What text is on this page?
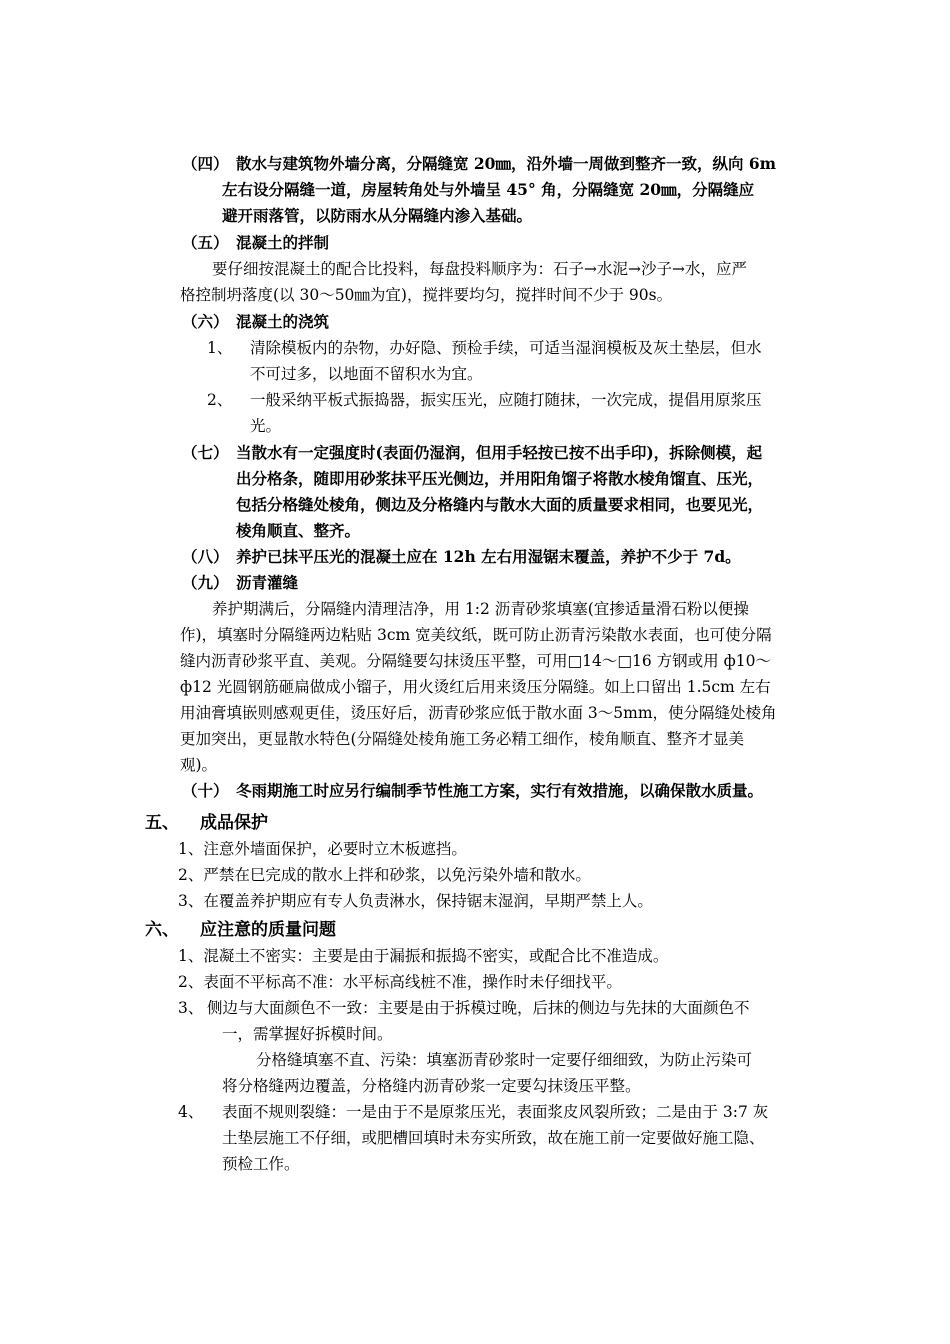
（四） 散水与建筑物外墙分离，分隔缝宽 20㎜，沿外墙一周做到整齐一致，纵向 6m
左右设分隔缝一道，房屋转角处与外墙呈 45° 角，分隔缝宽 20㎜，分隔缝应
避开雨落管，以防雨水从分隔缝内渗入基础。
（五） 混凝土的拌制
要仔细按混凝土的配合比投料，每盘投料顺序为：石子→水泥→沙子→水，应严
格控制坍落度(以 30～50㎜为宜)，搅拌要均匀，搅拌时间不少于 90s。
（六） 混凝土的浇筑
1、 清除模板内的杂物，办好隐、预检手续，可适当湿润模板及灰土垫层，但水
不可过多，以地面不留积水为宜。
2、 一般采纳平板式振捣器，振实压光，应随打随抹，一次完成，提倡用原浆压
光。
（七） 当散水有一定强度时(表面仍湿润，但用手轻按已按不出手印)，拆除侧模，起
出分格条，随即用砂浆抹平压光侧边，并用阳角馏子将散水棱角馏直、压光，
包括分格缝处棱角，侧边及分格缝内与散水大面的质量要求相同，也要见光，
棱角顺直、整齐。
（八） 养护已抹平压光的混凝土应在 12h 左右用湿锯末覆盖，养护不少于 7d。
（九） 沥青灌缝
养护期满后，分隔缝内清理洁净，用 1:2 沥青砂浆填塞(宜掺适量滑石粉以便操
作)，填塞时分隔缝两边粘贴 3cm 宽美纹纸，既可防止沥青污染散水表面，也可使分隔
缝内沥青砂浆平直、美观。分隔缝要勾抹烫压平整，可用□14～□16 方钢或用 ф10～
ф12 光圆钢筋砸扁做成小镏子，用火烫红后用来烫压分隔缝。如上口留出 1.5cm 左右
用油膏填嵌则感观更佳，烫压好后，沥青砂浆应低于散水面 3～5mm，使分隔缝处棱角
更加突出，更显散水特色(分隔缝处棱角施工务必精工细作，棱角顺直、整齐才显美
观)。
（十） 冬雨期施工时应另行编制季节性施工方案，实行有效措施，以确保散水质量。
五、 成品保护
1、注意外墙面保护，必要时立木板遮挡。
2、严禁在巳完成的散水上拌和砂浆，以免污染外墙和散水。
3、在覆盖养护期应有专人负责淋水，保持锯末湿润，早期严禁上人。
六、 应注意的质量问题
1、混凝土不密实：主要是由于漏振和振捣不密实，或配合比不准造成。
2、表面不平标高不准：水平标高线桩不准，操作时未仔细找平。
3、 侧边与大面颜色不一致：主要是由于拆模过晚，后抹的侧边与先抹的大面颜色不
一，需掌握好拆模时间。
分格缝填塞不直、污染：填塞沥青砂浆时一定要仔细细致，为防止污染可
将分格缝两边覆盖，分格缝内沥青砂浆一定要勾抹烫压平整。
4、 表面不规则裂缝：一是由于不是原浆压光，表面浆皮风裂所致；二是由于 3:7 灰
土垫层施工不仔细，或肥槽回填时未夯实所致，故在施工前一定要做好施工隐、
预检工作。
